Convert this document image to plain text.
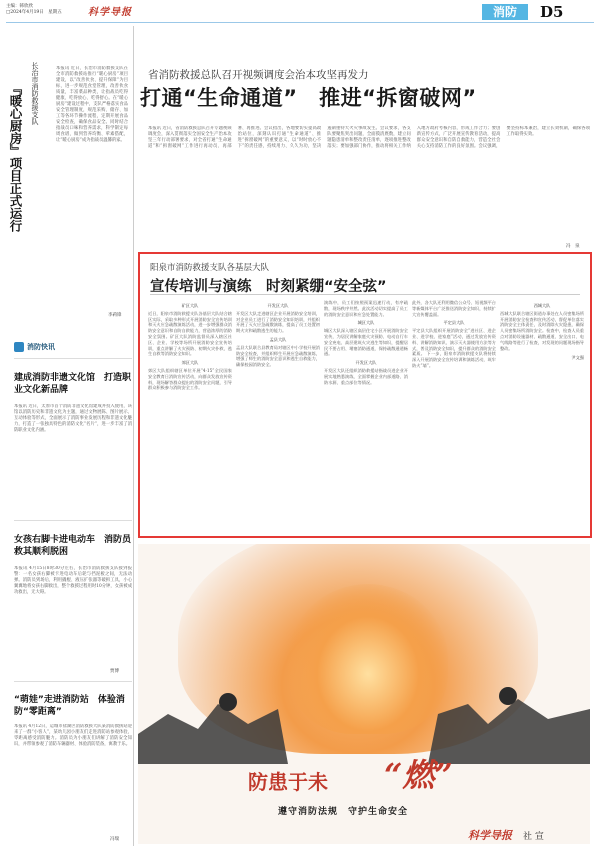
主编：韩欣欣
□2024年4月19日　星期五	科学导报	消防	D5
长治市消防救援支队
『暖心厨房』项目正式运行
本报讯 近日，长治市消防救援支队在全市消防救援站推行“暖心厨房”项目建设，以“改善伙食、提升保障”为目标，进一步规范食堂管理，改善伙食质量，丰富菜品种类，让指战员吃得健康、吃得放心、吃得舒心。在“暖心厨房”建设过程中，支队严格落实食品安全管理制度，规范采购、储存、加工等各环节操作流程，定期开展食品安全检查，确保食品安全。同时结合指战员口味和营养需求，科学制定每周食谱，做到营养均衡、荤素搭配，让“暖心厨房”成为指战员温馨的家。
李莉锋
消防快讯
建成消防非遗文化馆　打造职业文化新品牌
本报讯 近日，太原市首个消防非遗文化馆建成并投入使用，该馆以消防历史和非遗文化为主题，通过文物展陈、图片展示、互动体验等形式，全面展示了消防事业发展历程和非遗文化魅力，打造了一张独具特色的消防文化“名片”，进一步丰富了消防职业文化内涵。
女孩右脚卡进电动车　消防员救其顺利脱困
本报讯 4月15日8时30分左右，长治市消防救援支队接到报警：一名女孩右脚被卡进电动车后轮与挡泥板之间，无法动弹。消防员到场后，利用撬棍、液压扩张器等破拆工具，小心翼翼地将女孩右脚救出，整个救援过程用时10分钟，女孩被成功救出，无大碍。
贾博
“萌娃”走进消防站　体验消防“零距离”
本报讯 4月12日，运城市盐湖区消防救援大队某消防救援站迎来了一群“小客人”，某幼儿园小朋友们走进消防站参观体验，零距离感受消防魅力。消防员为小朋友们讲解了消防安全知识，并带领参观了消防车辆器材、体验消防装备，寓教于乐。
冯瑞
省消防救援总队召开视频调度会治本攻坚再发力
打通“生命通道”　推进“拆窗破网”
本报讯 近日，省消防救援总队召开专题视频调度会，深入贯彻落实全国安全生产治本攻坚三年行动部署要求，对全省打通“生命通道”和“拆窗破网”工作进行再动员、再部署、再推进。会议指出，各地要切实提高政治站位，深刻认识打通“生命通道”、推进“拆窗破网”的重要意义，以“时时放心不下”的责任感，持续用力、久久为功，坚决遏制重特大火灾事故发生。会议要求，各支队要聚焦突出问题，全面摸清底数，建立问题隐患清单和整改责任清单，逐项推进整改落实；要加强部门协作，推动将相关工作纳入地方政府考核内容，形成工作合力；要创新宣传方式，广泛开展宣传教育活动，提高群众安全意识和自防自救能力，营造全社会关心支持消防工作的良好氛围。会议强调，要坚持标本兼治，建立长效机制，确保各项工作取得实效。
冯　泉
阳泉市消防救援支队各基层大队
宣传培训与演练　时刻紧绷“安全弦”
矿区大队
近日，阳泉市消防救援支队各基层大队结合辖区实际，采取多种形式开展消防安全宣传培训和灭火应急疏散演练活动，进一步增强群众消防安全意识和自防自救能力，营造浓厚的消防安全氛围。矿区大队消防监督员深入辖区社区、企业、学校等场所开展消防安全宣传培训，重点讲解了火灾预防、初期火灾扑救、逃生自救等消防安全知识。
郊区大队
郊区大队组织辖区单位开展“4·15”全民国家安全教育日消防宣传活动，向群众发放宣传资料，现场解答群众提出的消防安全问题，引导群众积极参与消防安全工作。
开发区大队
开发区大队走进辖区企业开展消防安全培训，对企业员工进行了消防安全知识培训，并组织开展了灭火应急疏散演练，提高了员工处置初期火灾和疏散逃生的能力。
孟县大队
孟县大队联合县教育局对辖区中小学校开展消防安全检查，并组织师生开展应急疏散演练，增强了师生的消防安全意识和逃生自救能力，确保校园消防安全。
演练中，员工们按照预案迅速行动，有序疏散，现场秩序井然。此次活动切实提高了员工的消防安全意识和应急处置能力。
城区大队
城区大队深入辖区高层住宅小区开展消防安全宣传，为居民讲解家庭火灾预防、电动自行车安全充电、高层建筑火灾逃生等知识，提醒居民不要占用、堵塞消防通道，保持疏散通道畅通。
开发区大队
开发区大队还组织消防救援站指战员进企业开展实地熟悉演练，全面掌握企业内部道路、消防水源、重点部位等情况。
此外，各大队还利用微信公众号、短视频平台等新媒体平台广泛推送消防安全知识，持续扩大宣传覆盖面。
平定县大队
平定县大队组织开展消防安全“进社区、进企业、进学校、进家庭”活动，通过发放宣传资料、讲解消防知识、演示灭火器使用方法等方式，普及消防安全知识，提升群众的消防安全素质。 下一步，阳泉市消防救援支队将持续深入开展消防安全宣传培训和演练活动，筑牢防火“墙”。
西城大队
西城大队联合辖区街道办事处在人员密集场所开展消防安全检查和宣传活动，督促单位落实消防安全主体责任，及时消除火灾隐患，确保人员密集场所消防安全。检查中，检查人员重点对消防设施器材、疏散通道、安全出口、电气线路等进行了检查，对发现的问题现场指导整改。
尹文强
防患于未 “燃”
遵守消防法规　守护生命安全
科学导报 社 宣
